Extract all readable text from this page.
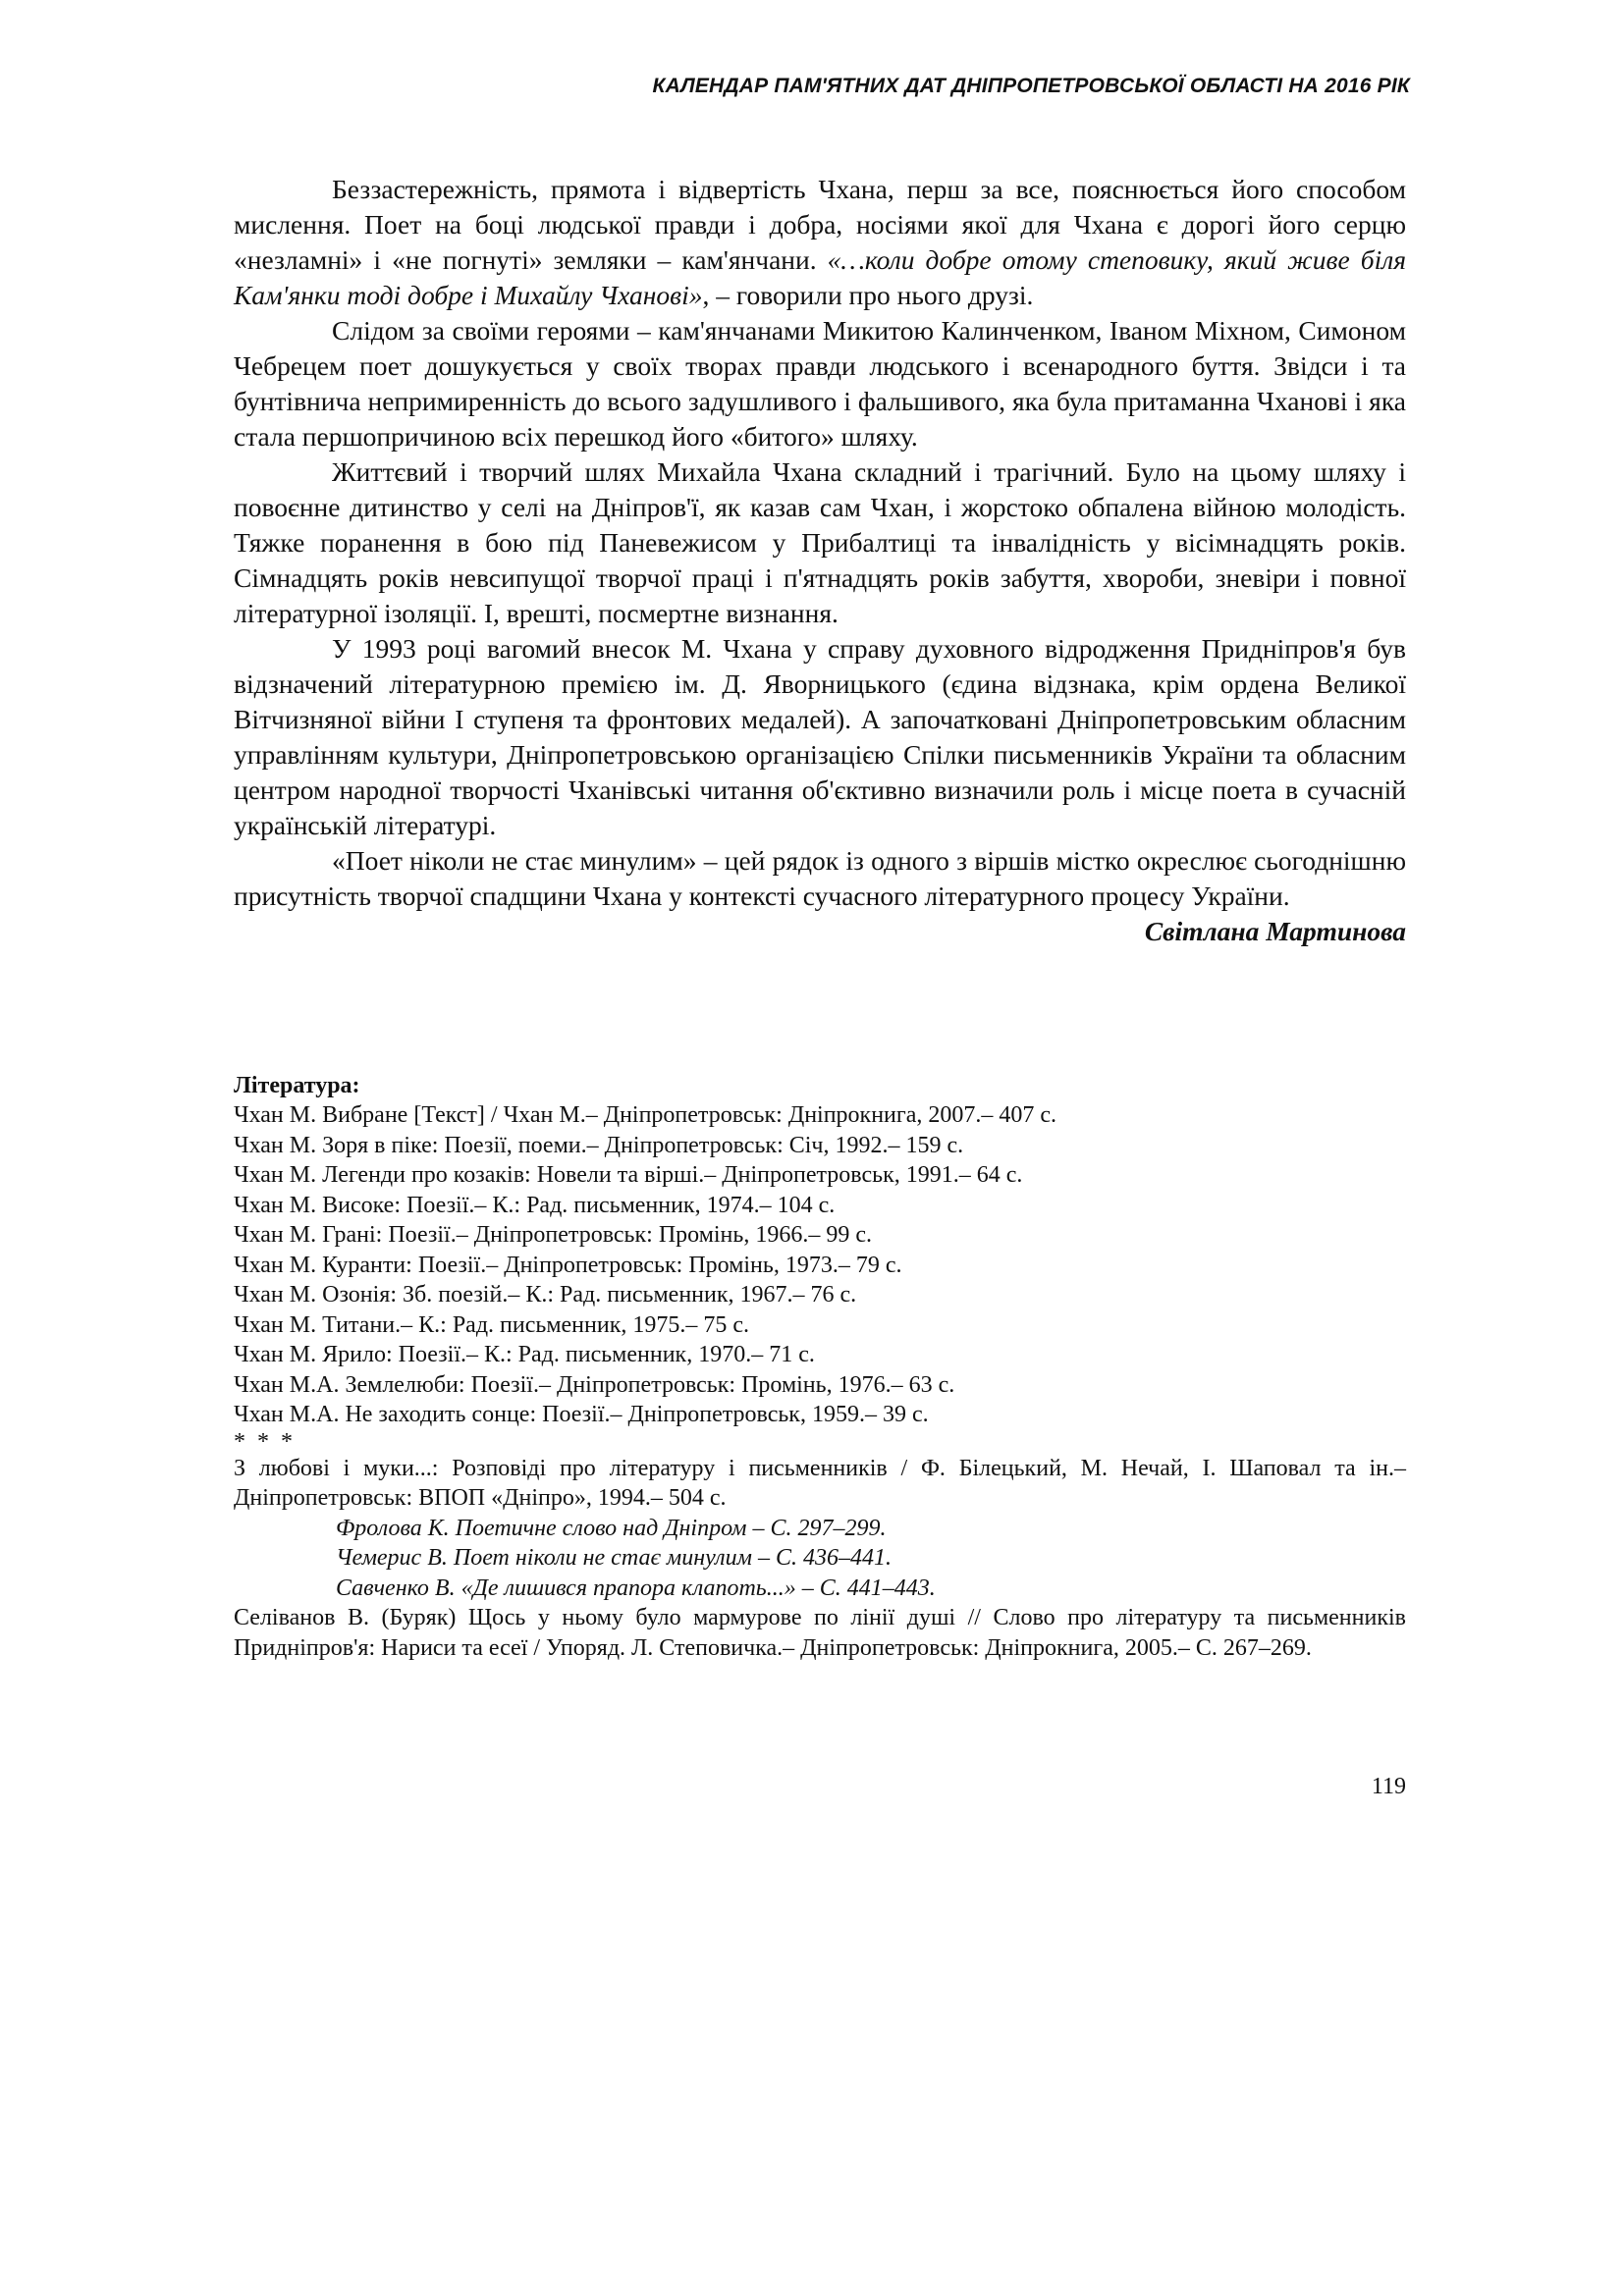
КАЛЕНДАР ПАМ'ЯТНИХ ДАТ ДНІПРОПЕТРОВСЬКОЇ ОБЛАСТІ НА 2016 РІК

Беззастережність, прямота і відвертість Чхана, перш за все, пояснюється його способом мислення. Поет на боці людської правди і добра, носіями якої для Чхана є дорогі його серцю «незламні» і «не погнуті» земляки – кам'янчани. «…коли добре отому степовику, який живе біля Кам'янки тоді добре і Михайлу Чханові», – говорили про нього друзі.

Слідом за своїми героями – кам'янчанами Микитою Калинченком, Іваном Міхном, Симоном Чебрецем поет дошукується у своїх творах правди людського і всенародного буття. Звідси і та бунтівнича непримиренність до всього задушливого і фальшивого, яка була притаманна Чханові і яка стала першопричиною всіх перешкод його «битого» шляху.

Життєвий і творчий шлях Михайла Чхана складний і трагічний. Було на цьому шляху і повоєнне дитинство у селі на Дніпров'ї, як казав сам Чхан, і жорстоко обпалена війною молодість. Тяжке поранення в бою під Паневежисом у Прибалтиці та інвалідність у вісімнадцять років. Сімнадцять років невсипущої творчої праці і п'ятнадцять років забуття, хвороби, зневіри і повної літературної ізоляції. І, врешті, посмертне визнання.

У 1993 році вагомий внесок М. Чхана у справу духовного відродження Придніпров'я був відзначений літературною премією ім. Д. Яворницького (єдина відзнака, крім ордена Великої Вітчизняної війни І ступеня та фронтових медалей). А започатковані Дніпропетровським обласним управлінням культури, Дніпропетровською організацією Спілки письменників України та обласним центром народної творчості Чханівські читання об'єктивно визначили роль і місце поета в сучасній українській літературі.

«Поет ніколи не стає минулим» – цей рядок із одного з віршів містко окреслює сьогоднішню присутність творчої спадщини Чхана у контексті сучасного літературного процесу України.

Світлана Мартинова

Література:

Чхан М. Вибране [Текст] / Чхан М.– Дніпропетровськ: Дніпрокнига, 2007.– 407 с.
Чхан М. Зоря в піке: Поезії, поеми.– Дніпропетровськ: Січ, 1992.– 159 с.
Чхан М. Легенди про козаків: Новели та вірші.– Дніпропетровськ, 1991.– 64 с.
Чхан М. Високе: Поезії.– К.: Рад. письменник, 1974.– 104 с.
Чхан М. Грані: Поезії.– Дніпропетровськ: Промінь, 1966.– 99 с.
Чхан М. Куранти: Поезії.– Дніпропетровськ: Промінь, 1973.– 79 с.
Чхан М. Озонія: Зб. поезій.– К.: Рад. письменник, 1967.– 76 с.
Чхан М. Титани.– К.: Рад. письменник, 1975.– 75 с.
Чхан М. Ярило: Поезії.– К.: Рад. письменник, 1970.– 71 с.
Чхан М.А. Землелюби: Поезії.– Дніпропетровськ: Промінь, 1976.– 63 с.
Чхан М.А. Не заходить сонце: Поезії.– Дніпропетровськ, 1959.– 39 с.

* * *

З любові і муки...: Розповіді про літературу і письменників / Ф. Білецький, М. Нечай, І. Шаповал та ін.– Дніпропетровськ: ВПОП «Дніпро», 1994.– 504 с.

Фролова К. Поетичне слово над Дніпром – С. 297–299.

Чемерис В. Поет ніколи не стає минулим – С. 436–441.

Савченко В. «Де лишився прапора клапоть...» – С. 441–443.

Селіванов В. (Буряк) Щось у ньому було мармурове по лінії душі // Слово про літературу та письменників Придніпров'я: Нариси та есеї / Упоряд. Л. Степовичка.– Дніпропетровськ: Дніпрокнига, 2005.– С. 267–269.

119
